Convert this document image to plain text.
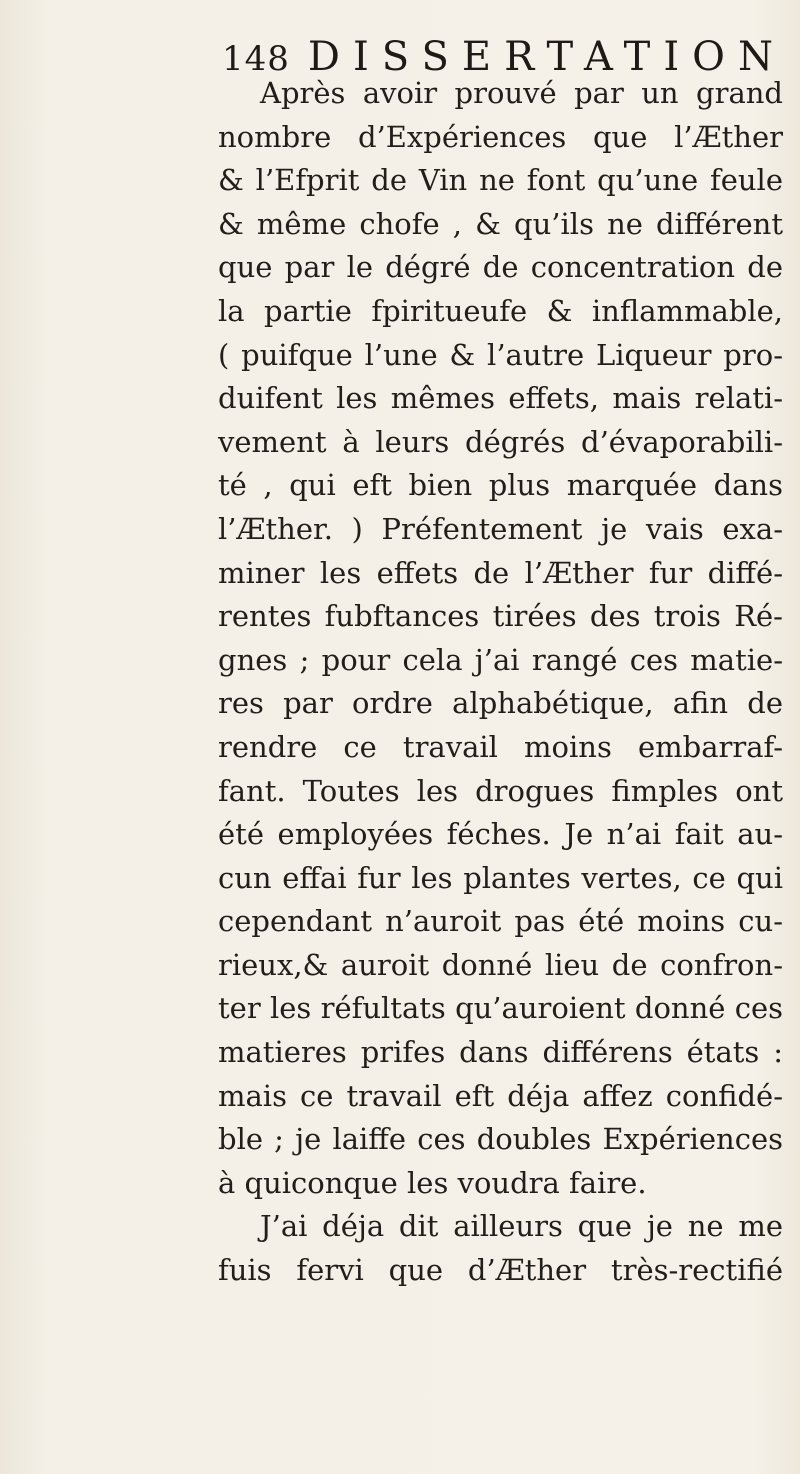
148 DISSERTATION
Après avoir prouvé par un grand
nombre d’Expériences que l’Æther
& l’Efprit de Vin ne font qu’une feule
& même chofe , & qu’ils ne différent
que par le dégré de concentration de
la partie fpiritueufe & inflammable,
( puifque l’une & l’autre Liqueur pro-
duifent les mêmes effets, mais relati-
vement à leurs dégrés d’évaporabili-
té , qui eft bien plus marquée dans
l’Æther. ) Préfentement je vais exa-
miner les effets de l’Æther fur diffé-
rentes fubftances tirées des trois Ré-
gnes ; pour cela j’ai rangé ces matie-
res par ordre alphabétique, afin de
rendre ce travail moins embarraf-
fant. Toutes les drogues fimples ont
été employées féches. Je n’ai fait au-
cun effai fur les plantes vertes, ce qui
cependant n’auroit pas été moins cu-
rieux,& auroit donné lieu de confron-
ter les réfultats qu’auroient donné ces
matieres prifes dans différens états :
mais ce travail eft déja affez confidé-
ble ; je laiffe ces doubles Expériences
à quiconque les voudra faire.
J’ai déja dit ailleurs que je ne me
fuis fervi que d’Æther très-rectifié
